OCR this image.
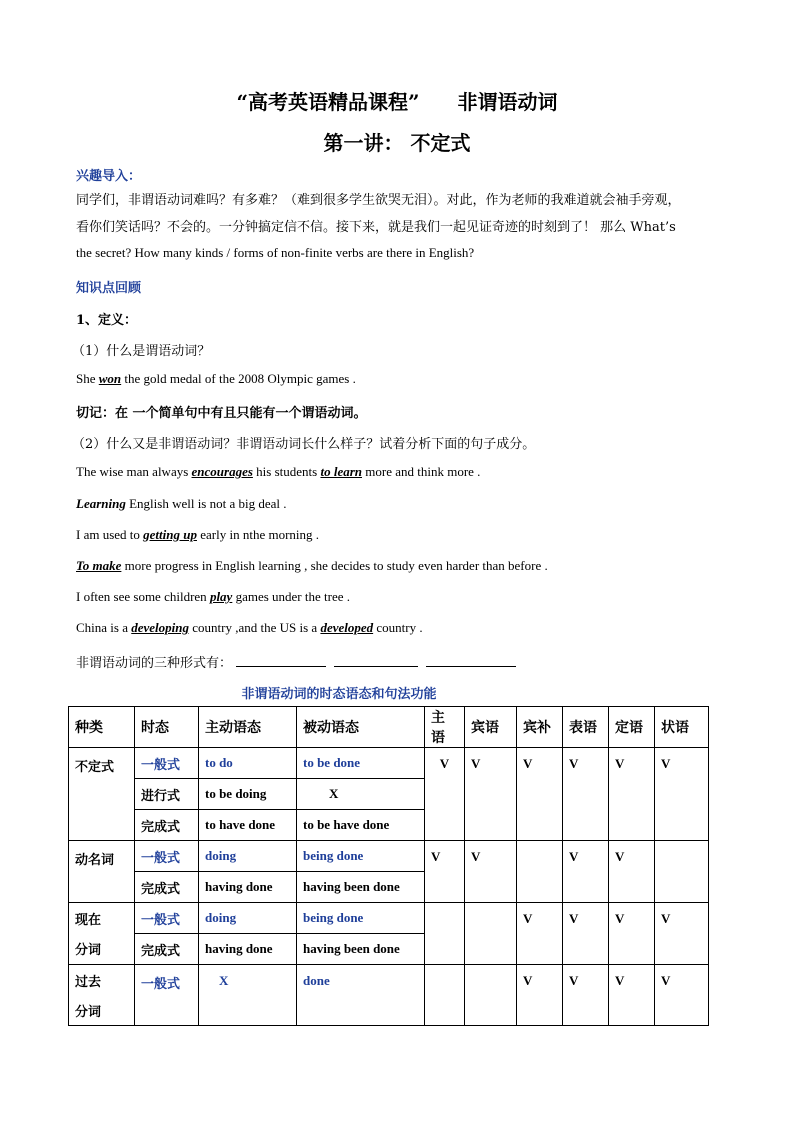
“高考英语精品课程” 非谓语动词
第一讲： 不定式
兴趣导入：
同学们，非谓语动词难吗？有多难？（难到很多学生欲哭无泪）。对此，作为老师的我难道就会袖手旁观，
看你们笑话吗？不会的。一分钟搞定信不信。接下来，就是我们一起见证奇迹的时刻到了！ 那么 What’s
the secret? How many kinds / forms of non-finite verbs are there in English?
知识点回顾
1、定义：
（1）什么是谓语动词？
She won the gold medal of the 2008 Olympic games .
切记：在 一个简单句中有且只能有一个谓语动词。
（2）什么又是非谓语动词？非谓语动词长什么样子？试着分析下面的句子成分。
The wise man always encourages his students to learn more and think more .
Learning English well is not a big deal .
I am used to getting up early in nthe morning .
To make more progress in English learning , she decides to study even harder than before .
I often see some children play games under the tree .
China is a developing country ,and the US is a developed country .
非谓语动词的三种形式有：
非谓语动词的时态语态和句法功能
种类	时态	主动语态	被动语态	主语	宾语	宾补	表语	定语	状语
不定式	一般式	to do	to be done	V	V	V	V	V	V
	进行式	to be doing	X						
	完成式	to have done	to be have done						
动名词	一般式	doing	being done	V	V		V	V	
	完成式	having done	having been done						
现在	一般式	doing	being done			V	V	V	V
分词	完成式	having done	having been done						
过去	一般式	X	done			V	V	V	V
分词									
